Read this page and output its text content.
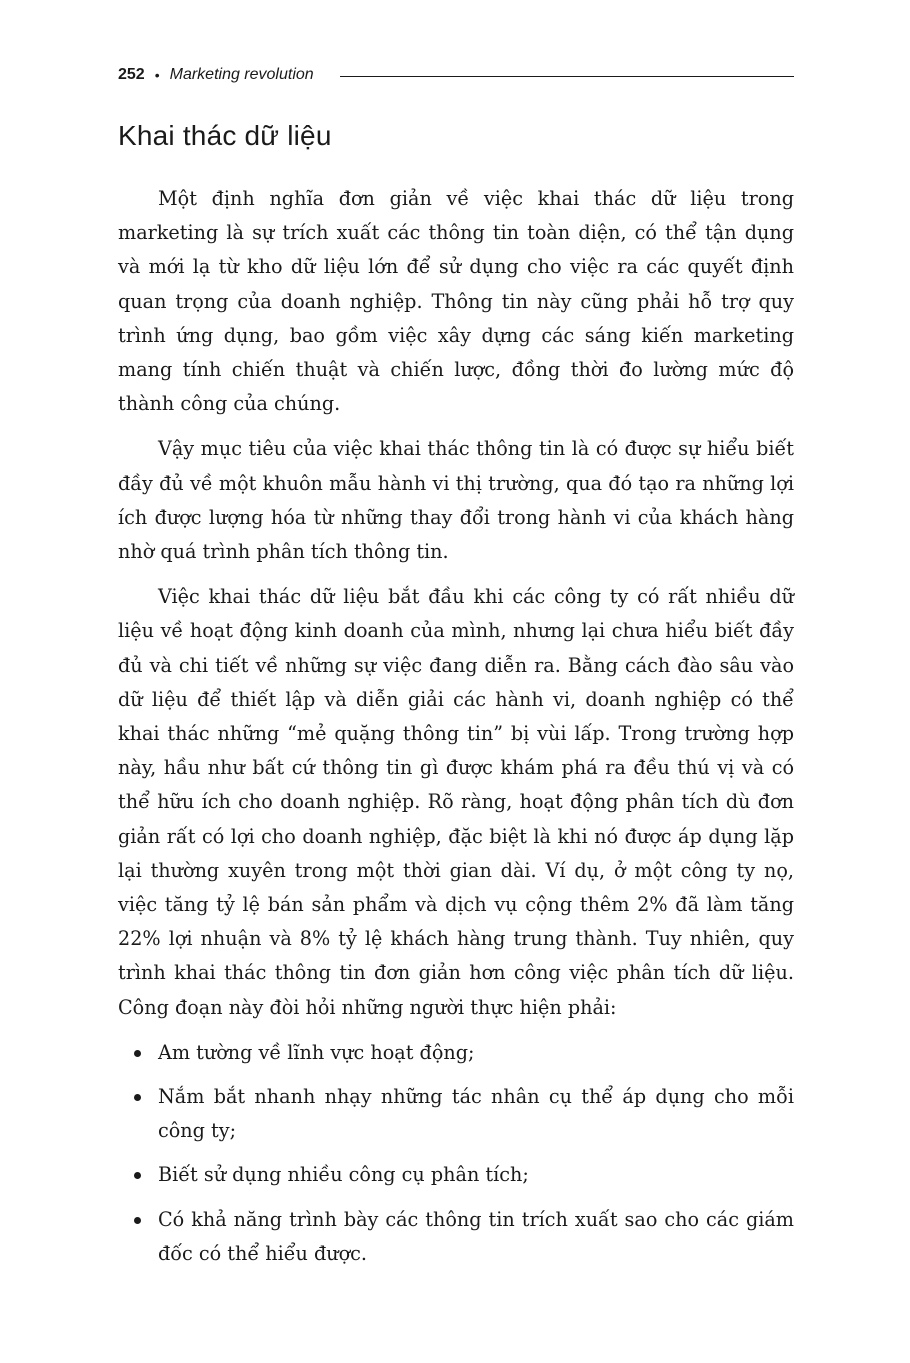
252 • Marketing revolution
Khai thác dữ liệu

Một định nghĩa đơn giản về việc khai thác dữ liệu trong marketing là sự trích xuất các thông tin toàn diện, có thể tận dụng và mới lạ từ kho dữ liệu lớn để sử dụng cho việc ra các quyết định quan trọng của doanh nghiệp. Thông tin này cũng phải hỗ trợ quy trình ứng dụng, bao gồm việc xây dựng các sáng kiến marketing mang tính chiến thuật và chiến lược, đồng thời đo lường mức độ thành công của chúng.

Vậy mục tiêu của việc khai thác thông tin là có được sự hiểu biết đầy đủ về một khuôn mẫu hành vi thị trường, qua đó tạo ra những lợi ích được lượng hóa từ những thay đổi trong hành vi của khách hàng nhờ quá trình phân tích thông tin.

Việc khai thác dữ liệu bắt đầu khi các công ty có rất nhiều dữ liệu về hoạt động kinh doanh của mình, nhưng lại chưa hiểu biết đầy đủ và chi tiết về những sự việc đang diễn ra. Bằng cách đào sâu vào dữ liệu để thiết lập và diễn giải các hành vi, doanh nghiệp có thể khai thác những “mẻ quặng thông tin” bị vùi lấp. Trong trường hợp này, hầu như bất cứ thông tin gì được khám phá ra đều thú vị và có thể hữu ích cho doanh nghiệp. Rõ ràng, hoạt động phân tích dù đơn giản rất có lợi cho doanh nghiệp, đặc biệt là khi nó được áp dụng lặp lại thường xuyên trong một thời gian dài. Ví dụ, ở một công ty nọ, việc tăng tỷ lệ bán sản phẩm và dịch vụ cộng thêm 2% đã làm tăng 22% lợi nhuận và 8% tỷ lệ khách hàng trung thành. Tuy nhiên, quy trình khai thác thông tin đơn giản hơn công việc phân tích dữ liệu. Công đoạn này đòi hỏi những người thực hiện phải:

Am tường về lĩnh vực hoạt động;
Nắm bắt nhanh nhạy những tác nhân cụ thể áp dụng cho mỗi công ty;
Biết sử dụng nhiều công cụ phân tích;
Có khả năng trình bày các thông tin trích xuất sao cho các giám đốc có thể hiểu được.
